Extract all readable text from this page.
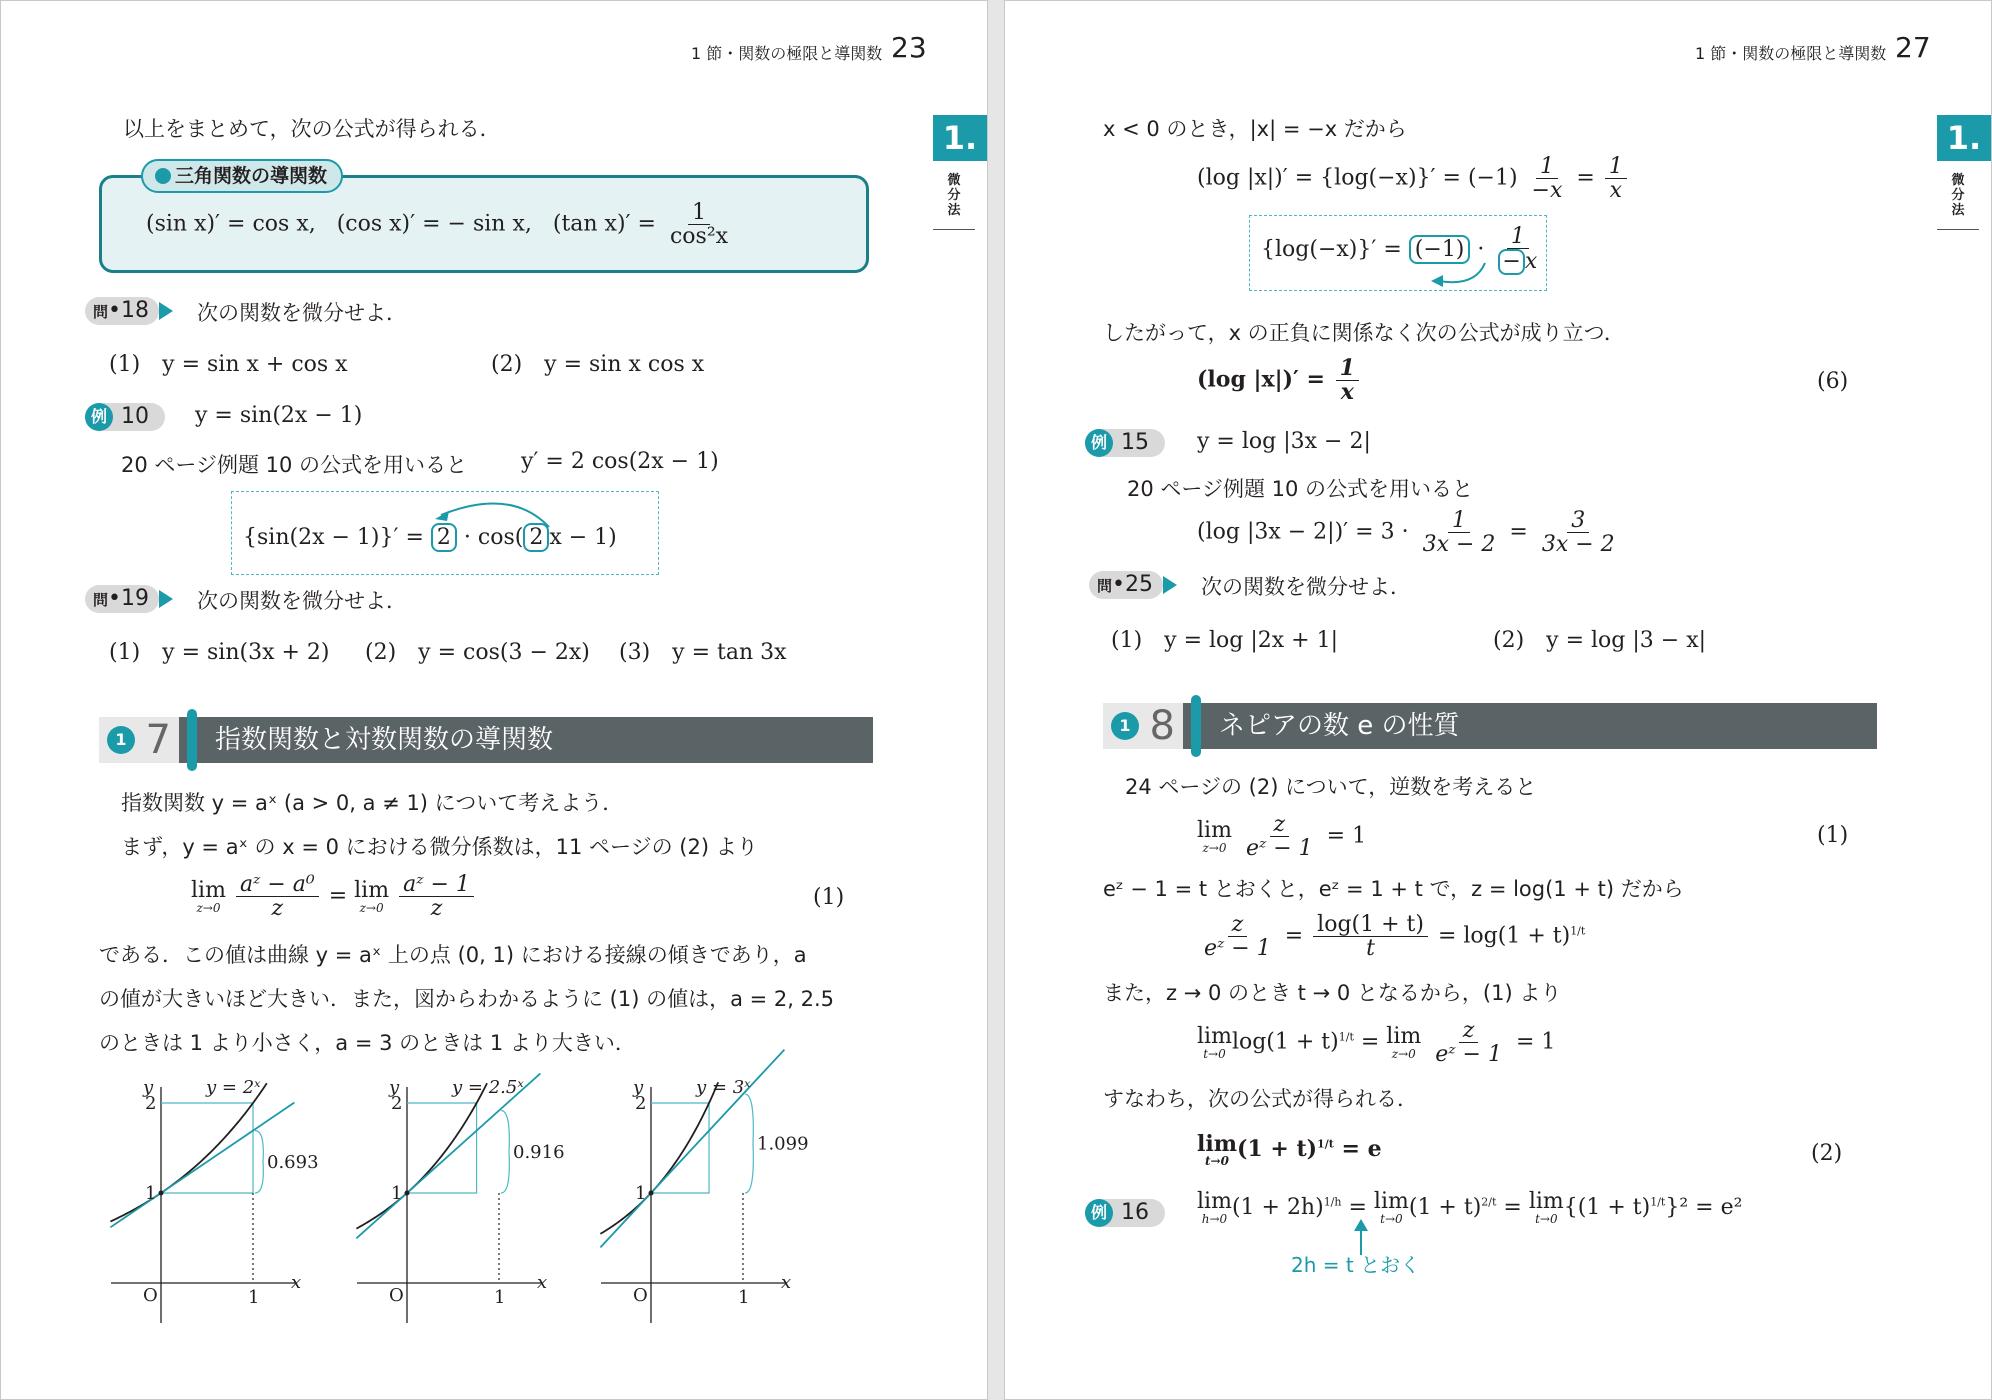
1 節・関数の極限と導関数 23
1.
微分法
以上をまとめて，次の公式が得られる．
三角関数の導関数
(sin x)′ = cos x, (cos x)′ = − sin x, (tan $x)' = \frac{1}{\text{cos²x}}$
問•18	次の関数を微分せよ．
(1)　y = sin x + cos x	(2)　y = sin x cos x
例 10	y = sin(2x − 1)
20 ページ例題 10 の公式を用いると y′ = 2 cos(2x − 1)
{sin(2x − 1)}′ = 2 · cos( 2 x − 1)
問•19	次の関数を微分せよ．
(1)　y = sin(3x + 2) (2)　y = cos(3 − 2x) (3)　y = tan 3x
1 7	指数関数と対数関数の導関数
指数関数 y = aˣ (a > 0, a ≠ 1) について考えよう．
まず，y = aˣ の x = 0 における微分係数は，11 ページの (2) より
lim
z→0
$\frac{\text{aᶻ − a⁰}}{z} = \lim$
z→0
$\frac{\text{aᶻ − 1}}{z}$	(1)
である．この値は曲線 y = aˣ 上の点 (0, 1) における接線の傾きであり，a
の値が大きいほど大きい．また，図からわかるように (1) の値は，a = 2, 2.5
のときは 1 より小さく，a = 3 のときは 1 より大きい．
y	y = 2ˣ
x
O	1
2
1
0.693
y	y = 2.5ˣ
x
O	1
2
1
0.916
y	y = 3ˣ
x
O	1
2
1
1.099
1 節・関数の極限と導関数 27
1.
微分法
x < 0 のとき，|x| = −x だから
(log $|x|)' = \{\log(-x)\}' = (-1) \frac{1}{-x} = \frac{1}{x}$
$\{\log(-x)\}' = (-1) \cdot \frac{1}{- x}$
したがって，x の正負に関係なく次の公式が成り立つ．
(log $|x|)' = \frac{1}{x}$	(6)
例 15	y = log |3x − 2|
20 ページ例題 10 の公式を用いると
(log $|3x - 2|)' = 3 \cdot \frac{1}{3x - 2} = \frac{3}{3x - 2}$
問•25	次の関数を微分せよ．
(1)　y = log |2x + 1|	(2)　y = log |3 − x|
1 8	ネピアの数 e の性質
24 ページの (2) について，逆数を考えると
lim
z→0
$\frac{z}{\text{eᶻ − 1}} = 1$	(1)
eᶻ − 1 = t とおくと，eᶻ = 1 + t で，z = log(1 + t) だから
$\frac{z}{\text{eᶻ − 1}} = \frac{\log(1 + t)}{t} = \log(1 + t)^{1/t}$
また，z → 0 のとき t → 0 となるから，(1) より
lim
t→0 $\log(1 + t)^{1/t} = \lim$
z→0
$\frac{z}{\text{eᶻ − 1}} = 1$
すなわち，次の公式が得られる．
lim
t→0 $(1 + t)^{1/t} = e$	(2)
例 16	lim
h→0 $(1 + 2h)^{1/h} = \lim$
t→0 $(1 + t)^{2/t} = \lim$
t→0 $\{(1 + t)^{1/t}\}^2 = e^2$
2h = t とおく
